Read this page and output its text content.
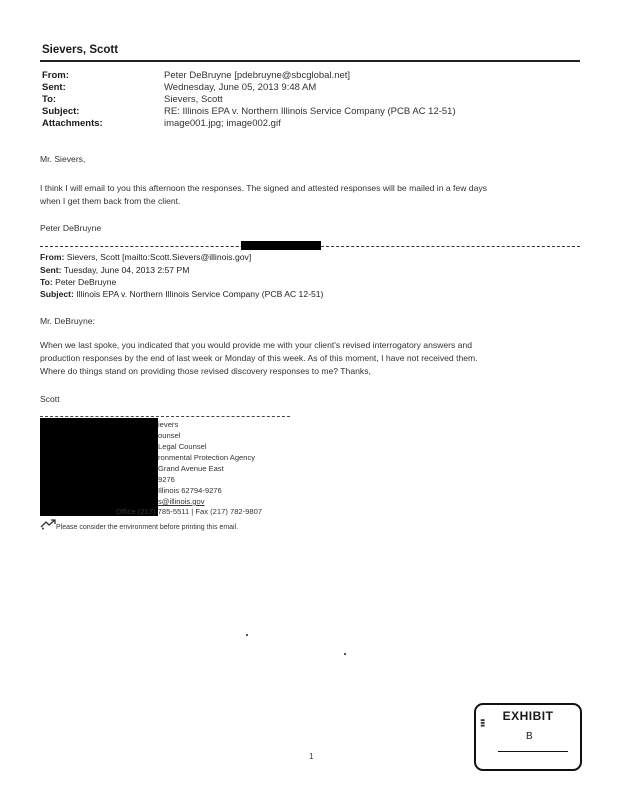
Sievers, Scott
From:	Peter DeBruyne [pdebruyne@sbcglobal.net]
Sent:	Wednesday, June 05, 2013 9:48 AM
To:	Sievers, Scott
Subject:	RE: Illinois EPA v. Northern Illinois Service Company (PCB AC 12-51)
Attachments:	image001.jpg; image002.gif
Mr. Sievers,
I think I will email to you this afternoon the responses. The signed and attested responses will be mailed in a few days
when I get them back from the client.
Peter DeBruyne
From: Sievers, Scott [mailto:Scott.Sievers@illinois.gov]
Sent: Tuesday, June 04, 2013 2:57 PM
To: Peter DeBruyne
Subject: Illinois EPA v. Northern Illinois Service Company (PCB AC 12-51)
Mr. DeBruyne:
When we last spoke, you indicated that you would provide me with your client's revised interrogatory answers and
production responses by the end of last week or Monday of this week. As of this moment, I have not received them.
Where do things stand on providing those revised discovery responses to me? Thanks,
Scott
ievers
ounsel
Legal Counsel
ronmental Protection Agency
Grand Avenue East
9276
Illinois 62794-9276
s@illinois.gov
Office (217) 785-5511 | Fax (217) 782-9807
Please consider the environment before printing this email.
1
EXHIBIT
▮▮▮
B
